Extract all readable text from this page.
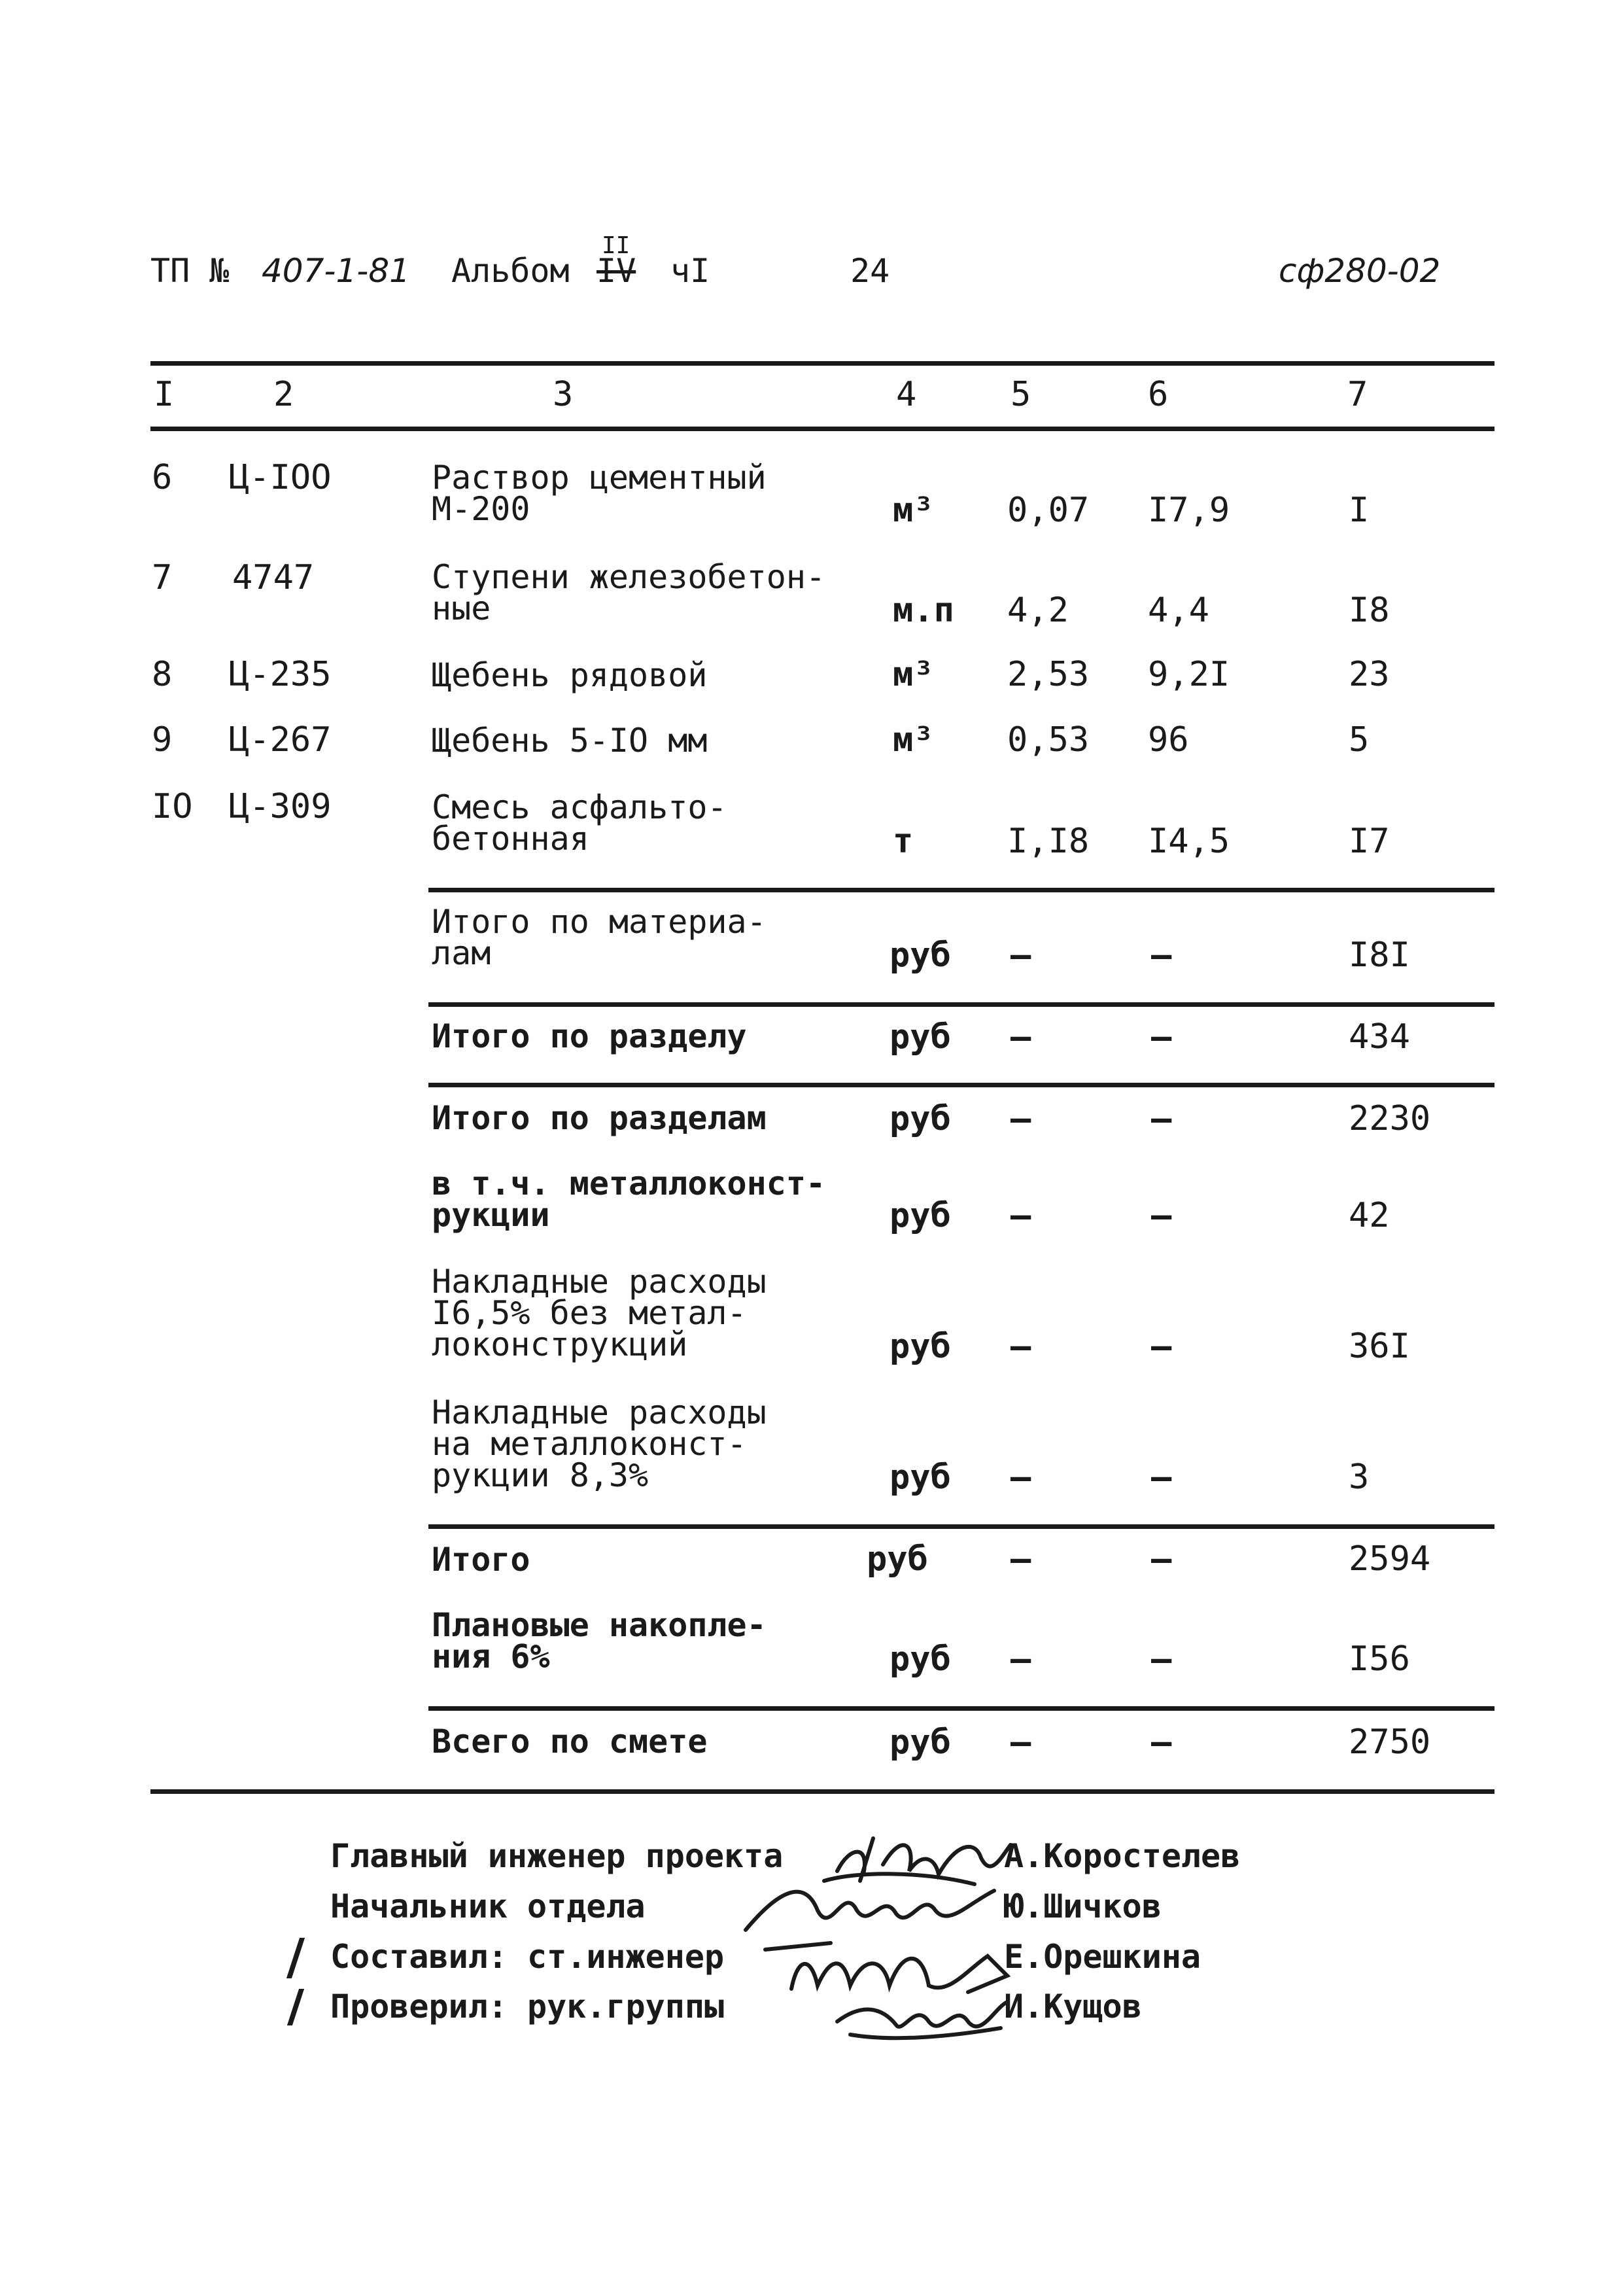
ТП № 407-1-81 Альбом
II
IV чI	24	сф280-02
I	2	3	4	5	6	7
6 Ц-IOO	Раствор цементный
М-200	м³ 0,07 I7,9	I
7 4747	Ступени железобетон-
ные	м.п 4,2 4,4	I8
8 Ц-235	Щебень рядовой	м³ 2,53 9,2I	23
9 Ц-267	Щебень 5-IO мм	м³ 0,53 96	5
IO Ц-309	Смесь асфальто-
бетонная	т	I,I8 I4,5	I7
Итого по материа-
лам	руб –	–	I8I
Итого по разделу	руб –	–	434
Итого по разделам	руб –	–	2230
в т.ч. металлоконст-
рукции	руб –	–	42
Накладные расходы
I6,5% без метал-
локонструкций	руб –	–	36I
Накладные расходы
на металлоконст-
рукции 8,3%	руб –	–	3
Итого	руб –	–	2594
Плановые накопле-
ния 6%	руб –	–	I56
Всего по смете	руб –	–	2750
Главный инженер проекта	А.Коростелев
Начальник отдела	Ю.Шичков
Составил: ст.инженер	Е.Орешкина
Проверил: рук.группы	И.Кущов
